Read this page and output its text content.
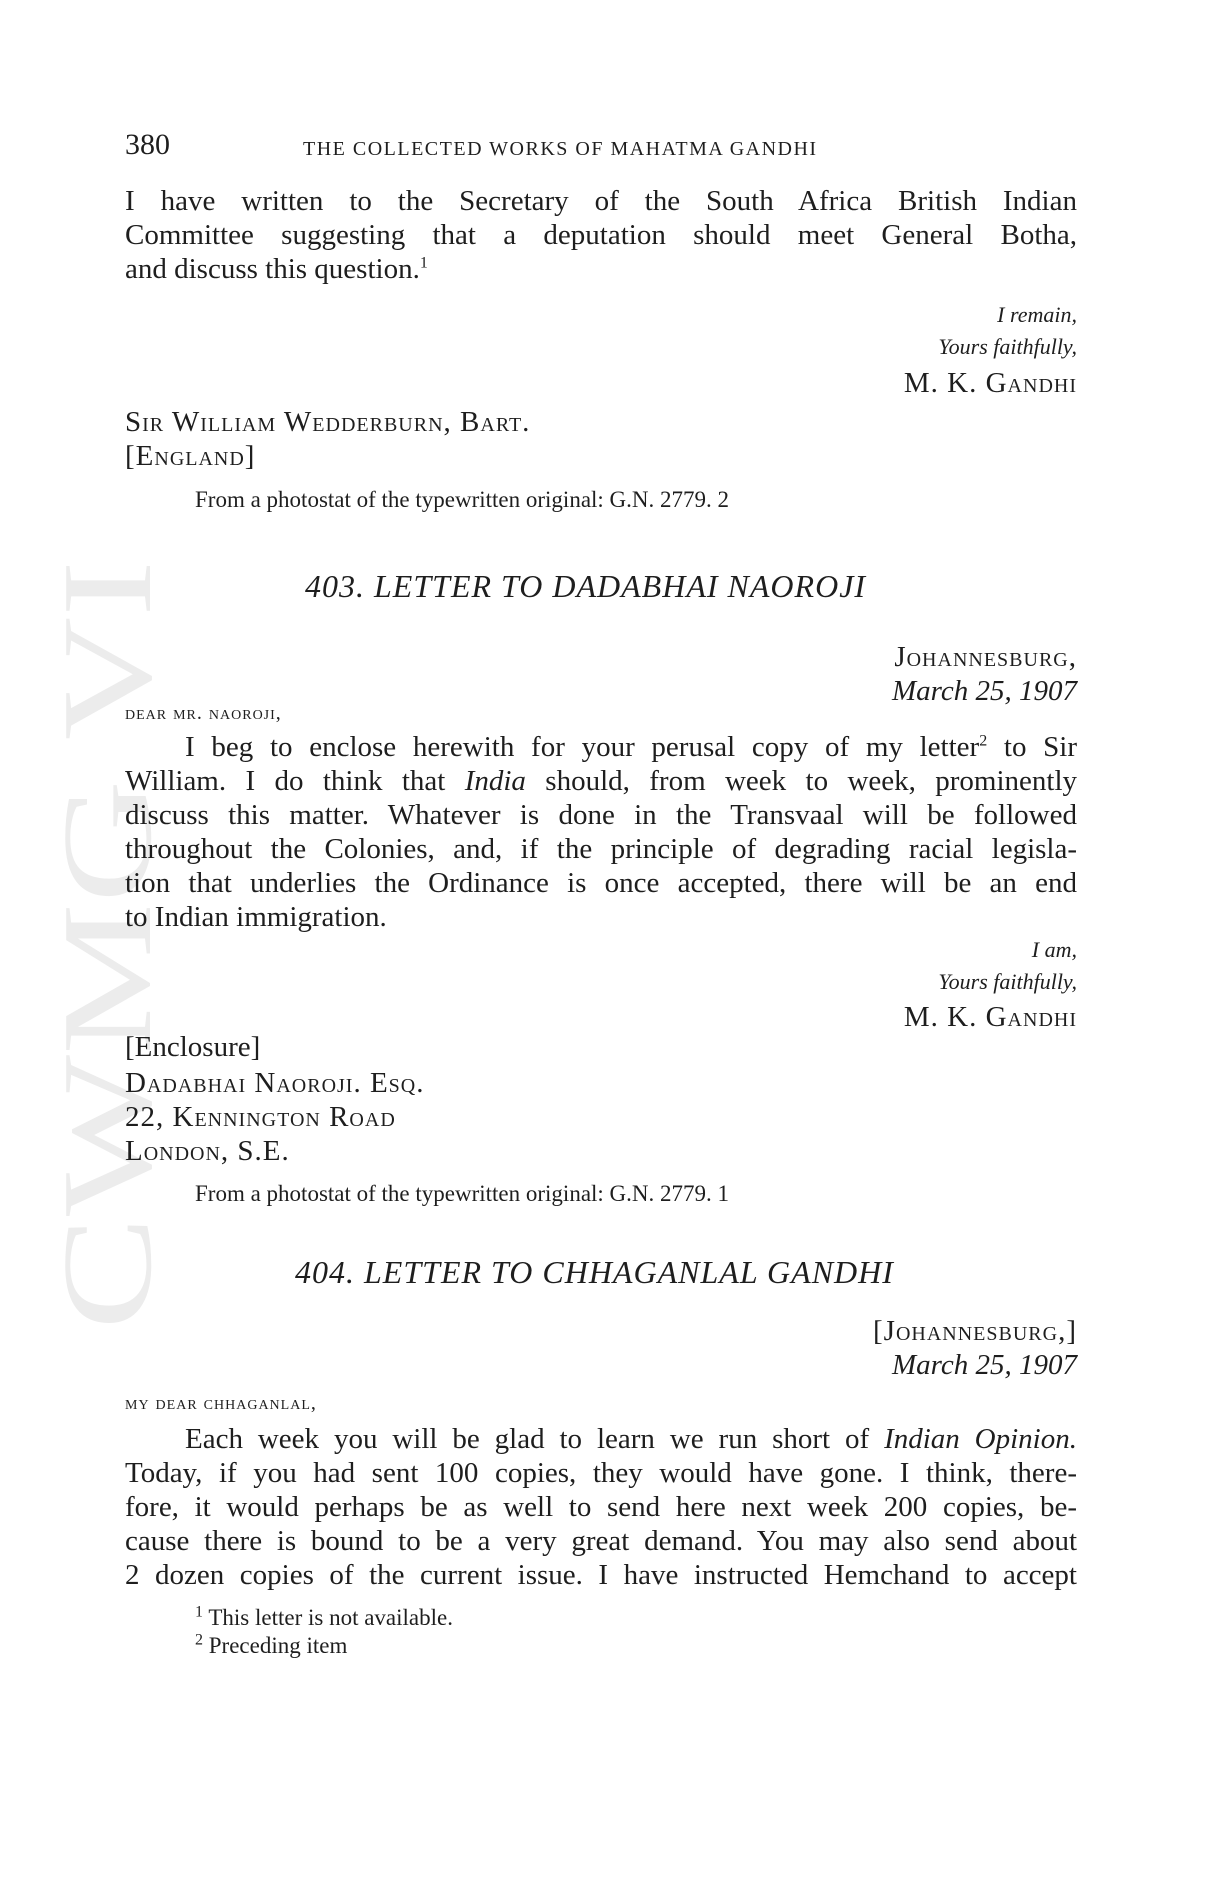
CWMG VI
380	THE COLLECTED WORKS OF MAHATMA GANDHI
I have written to the Secretary of the South Africa British Indian
Committee suggesting that a deputation should meet General Botha,
and discuss this question.$^1$
I remain,
Yours faithfully,
M. K. Gandhi
Sir William Wedderburn, Bart.
[England]
From a photostat of the typewritten original: G.N. 2779. 2
403. LETTER TO DADABHAI NAOROJI
Johannesburg,
March 25, 1907
dear mr. naoroji,
I beg to enclose herewith for your perusal copy of my letter$^2$ to Sir
William. I do think that India should, from week to week, prominently
discuss this matter. Whatever is done in the Transvaal will be followed
throughout the Colonies, and, if the principle of degrading racial legisla-
tion that underlies the Ordinance is once accepted, there will be an end
to Indian immigration.
I am,
Yours faithfully,
M. K. Gandhi
[Enclosure]
Dadabhai Naoroji. Esq.
22, Kennington Road
London, S.E.
From a photostat of the typewritten original: G.N. 2779. 1
404. LETTER TO CHHAGANLAL GANDHI
[Johannesburg,]
March 25, 1907
my dear chhaganlal,
Each week you will be glad to learn we run short of Indian Opinion.
Today, if you had sent 100 copies, they would have gone. I think, there-
fore, it would perhaps be as well to send here next week 200 copies, be-
cause there is bound to be a very great demand. You may also send about
2 dozen copies of the current issue. I have instructed Hemchand to accept
$^1$ This letter is not available.
$^2$ Preceding item
